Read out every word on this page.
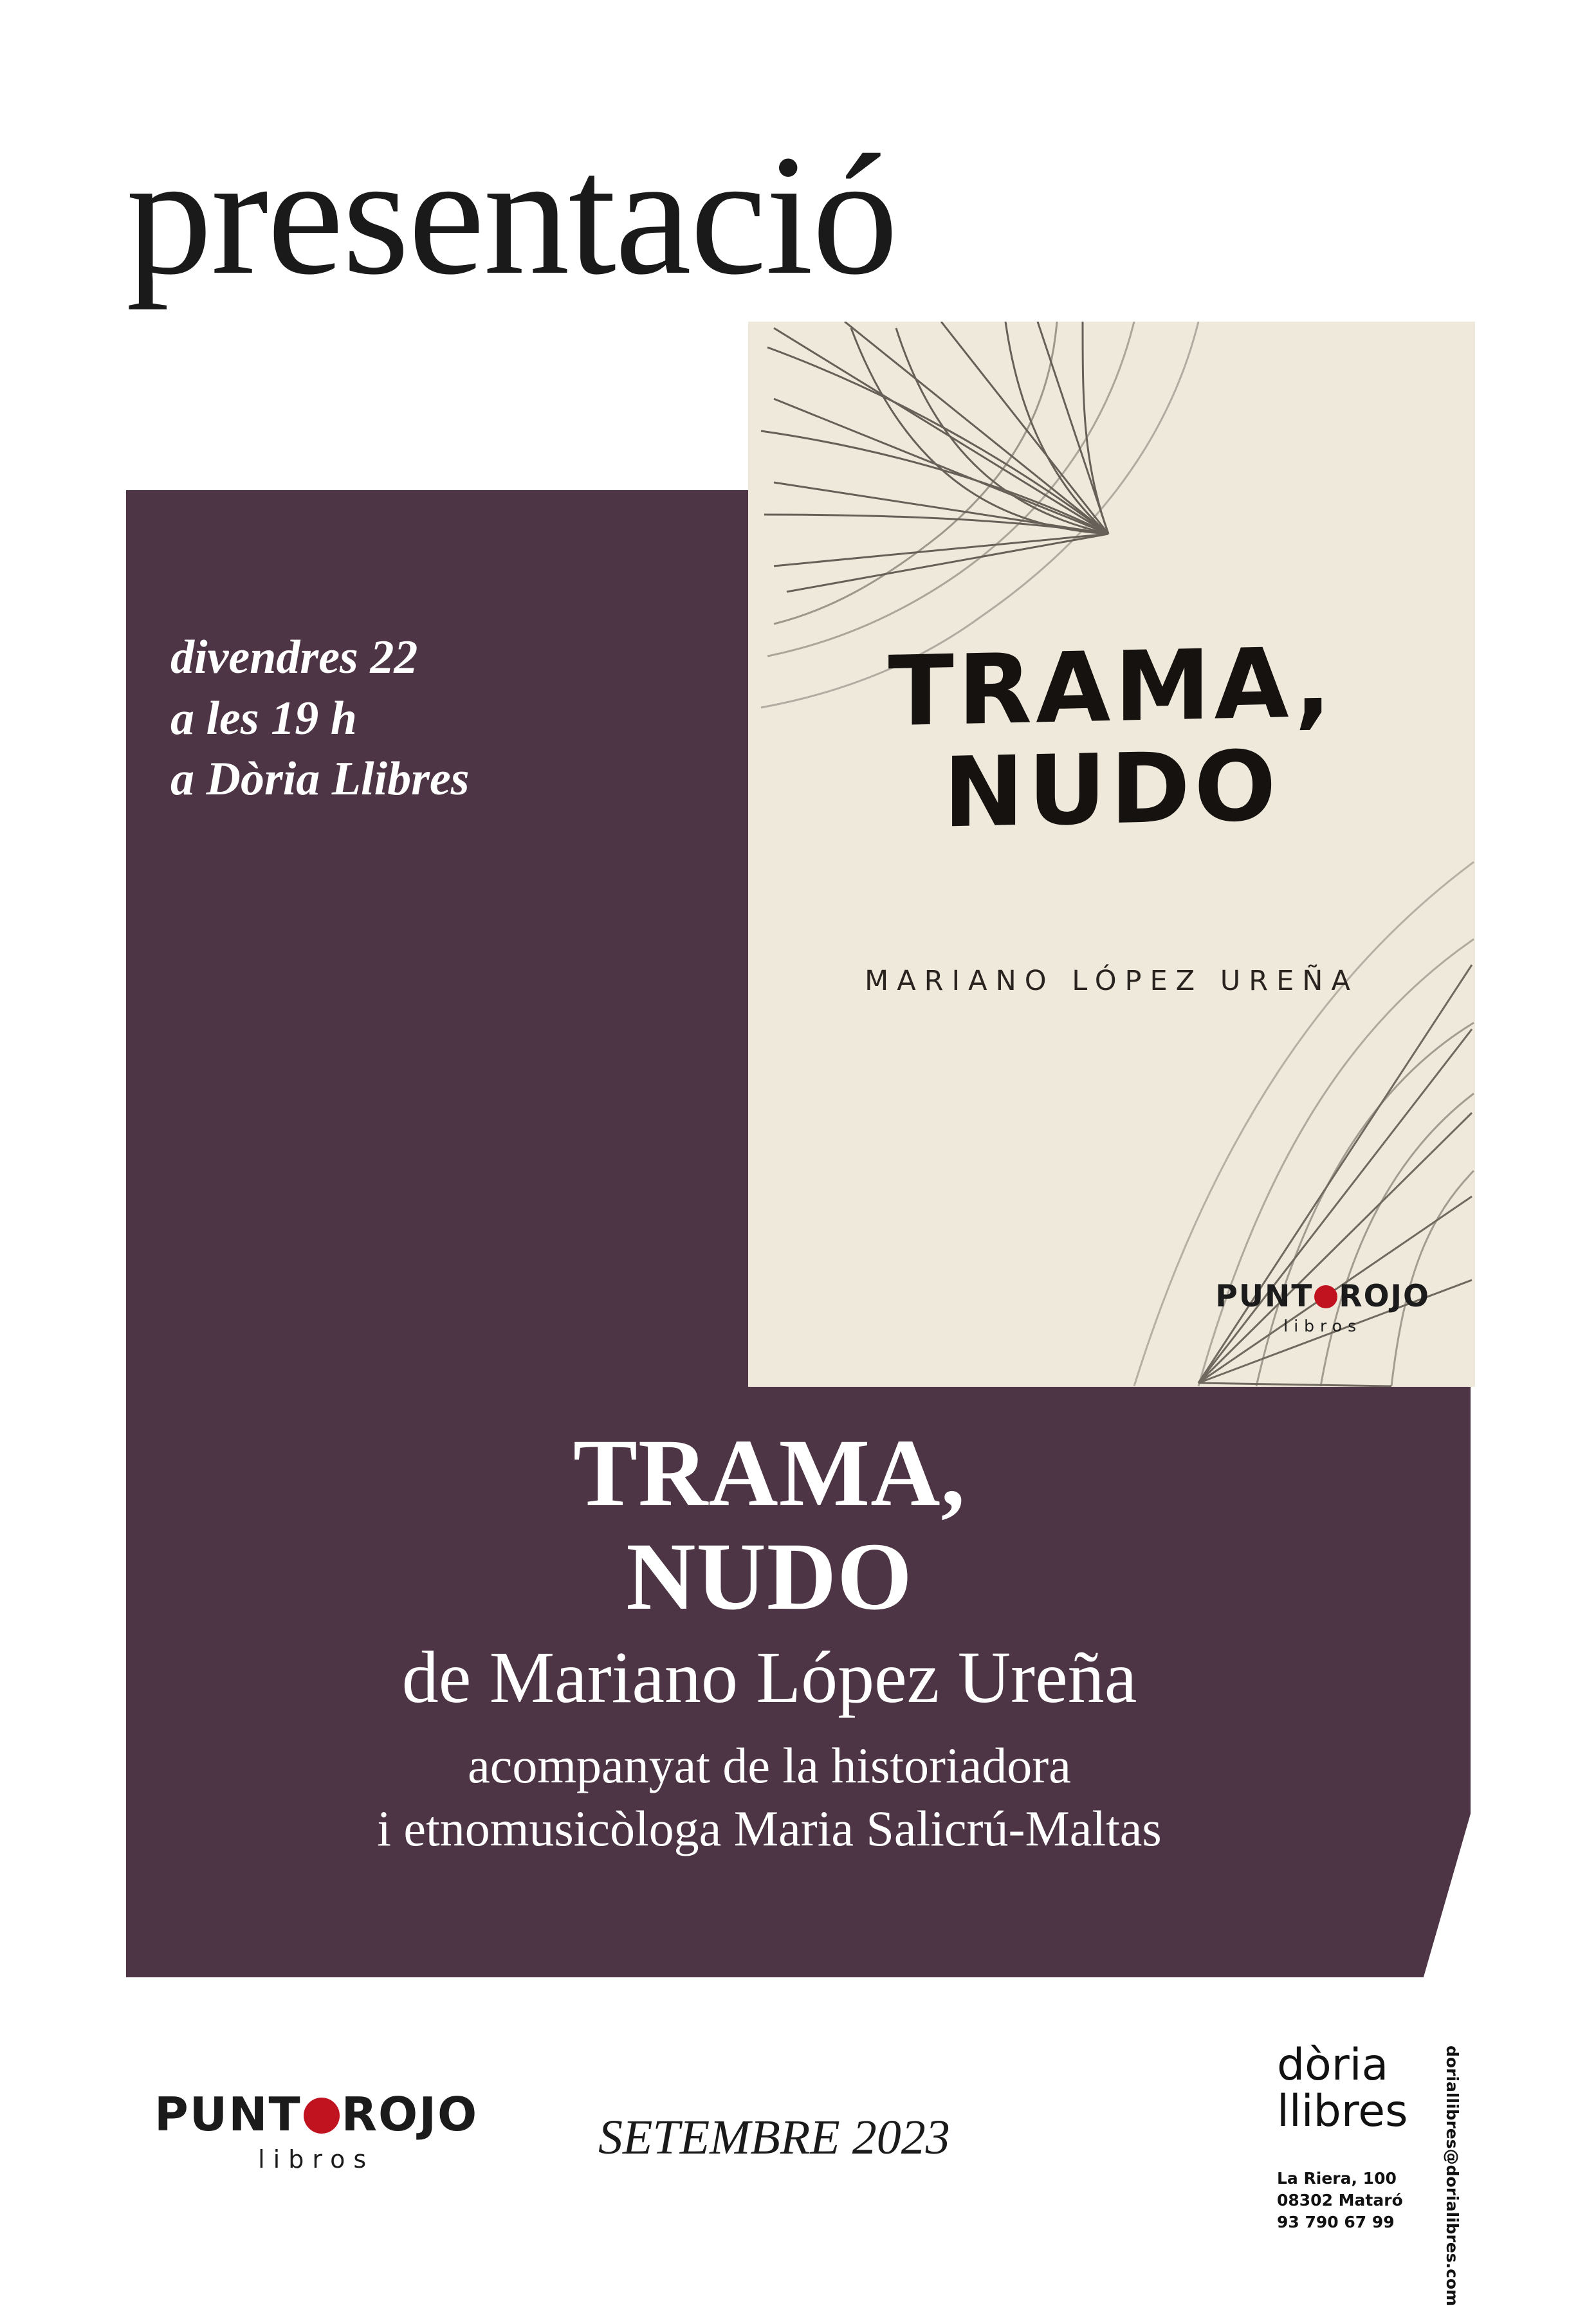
presentació
divendres 22
a les 19 h
a Dòria Llibres
TRAMA,
NUDO
MARIANO LÓPEZ UREÑA
PUNT ROJO
libros
TRAMA,
NUDO
de Mariano López Ureña
acompanyat de la historiadora
i etnomusicòloga Maria Salicrú-Maltas
PUNT ROJO
libros	SETEMBRE 2023
dòria
llibres
La Riera, 100
08302 Mataró
93 790 67 99	doriallibres@dorialibres.com
